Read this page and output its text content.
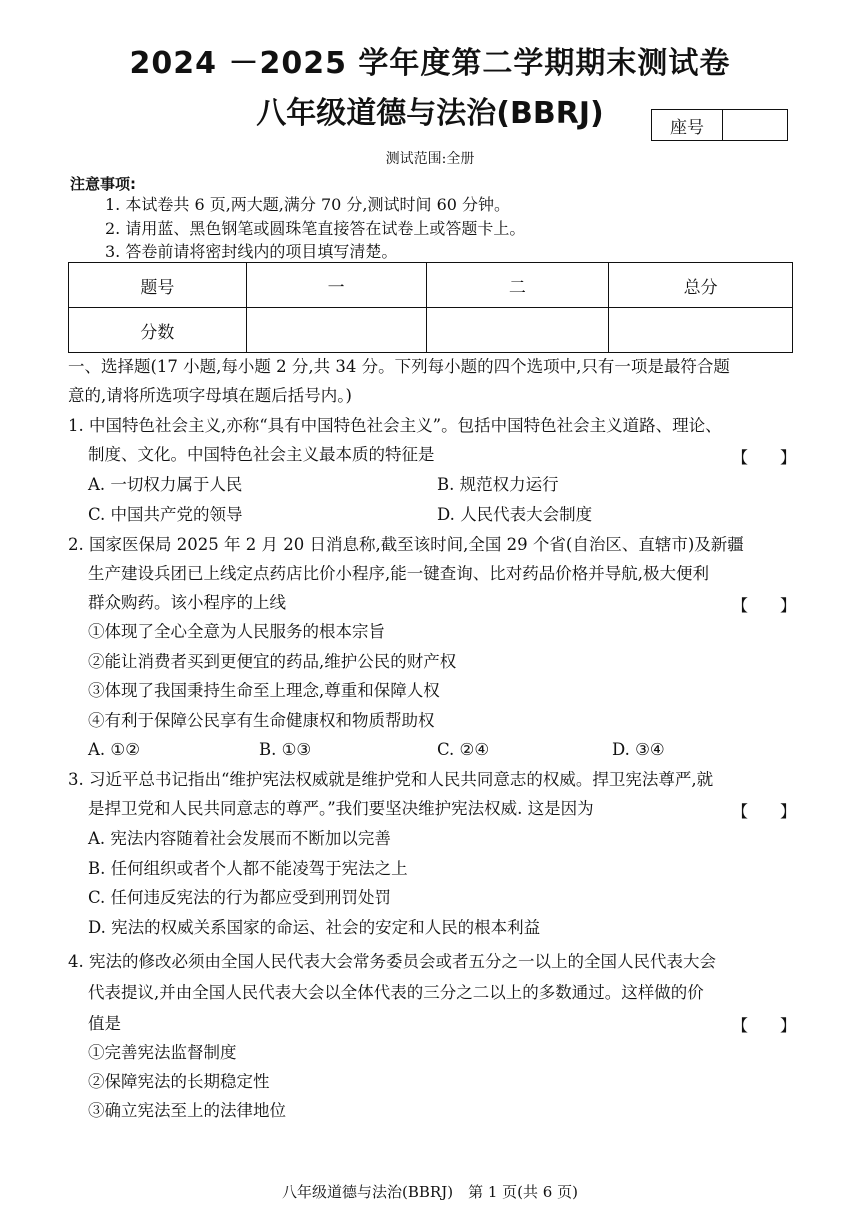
2024 －2025 学年度第二学期期末测试卷
八年级道德与法治(BBRJ)	座号
测试范围:全册
注意事项:
1. 本试卷共 6 页,两大题,满分 70 分,测试时间 60 分钟。
2. 请用蓝、黑色钢笔或圆珠笔直接答在试卷上或答题卡上。
3. 答卷前请将密封线内的项目填写清楚。
题号	一	二	总分
分数			
一、选择题(17 小题,每小题 2 分,共 34 分。下列每小题的四个选项中,只有一项是最符合题
意的,请将所选项字母填在题后括号内。)
1. 中国特色社会主义,亦称“具有中国特色社会主义”。包括中国特色社会主义道路、理论、
制度、文化。中国特色社会主义最本质的特征是	【　　】
A. 一切权力属于人民	B. 规范权力运行
C. 中国共产党的领导	D. 人民代表大会制度
2. 国家医保局 2025 年 2 月 20 日消息称,截至该时间,全国 29 个省(自治区、直辖市)及新疆
生产建设兵团已上线定点药店比价小程序,能一键查询、比对药品价格并导航,极大便利
群众购药。该小程序的上线	【　　】
①体现了全心全意为人民服务的根本宗旨
②能让消费者买到更便宜的药品,维护公民的财产权
③体现了我国秉持生命至上理念,尊重和保障人权
④有利于保障公民享有生命健康权和物质帮助权
A. ①②	B. ①③	C. ②④	D. ③④
3. 习近平总书记指出“维护宪法权威就是维护党和人民共同意志的权威。捍卫宪法尊严,就
是捍卫党和人民共同意志的尊严。”我们要坚决维护宪法权威. 这是因为	【　　】
A. 宪法内容随着社会发展而不断加以完善
B. 任何组织或者个人都不能凌驾于宪法之上
C. 任何违反宪法的行为都应受到刑罚处罚
D. 宪法的权威关系国家的命运、社会的安定和人民的根本利益
4. 宪法的修改必须由全国人民代表大会常务委员会或者五分之一以上的全国人民代表大会
代表提议,并由全国人民代表大会以全体代表的三分之二以上的多数通过。这样做的价
值是	【　　】
①完善宪法监督制度
②保障宪法的长期稳定性
③确立宪法至上的法律地位
八年级道德与法治(BBRJ)　第 1 页(共 6 页)
